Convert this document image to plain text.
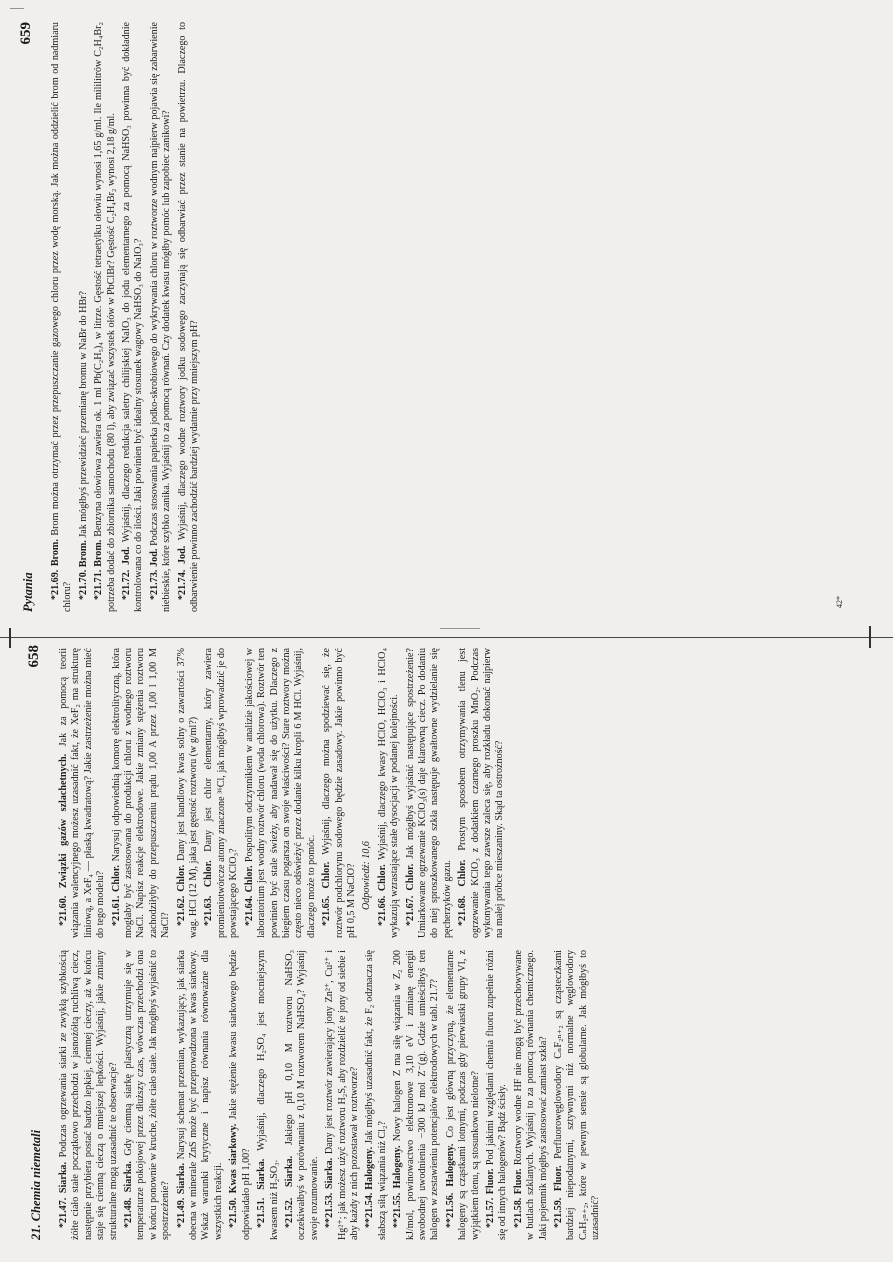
Pytania
659

*21.69. Brom. Brom można otrzymać przez przepuszczanie gazowego chloru przez wodę morską. Jak można oddzielić brom od nadmiaru chloru? *21.70. Brom. Jak mógłbyś przewidzieć przemianę bromu w NaBr do HBr?

*21.71. Brom. Benzyna ołowiowa zawiera ok. 1 ml Pb(C₂H₅)₄ w litrze. Gęstość tetraetylku ołowiu wynosi 1,65 g/ml. Ile mililitrów C₂H₄Br₂ potrzeba dodać do zbiornika samochodu (80 l), aby związać wszystek ołów w PbClBr? Gęstość C₂H₄Br₂ wynosi 2,18 g/ml. *21.72. Jod. Wyjaśnij, dlaczego redukcja saletry chilijskiej NaIO₃ do jodu elementarnego za pomocą NaHSO₃ powinna być dokładnie kontrolowana co do ilości. Jaki powinien być idealny stosunek wagowy NaHSO₃ do NaIO₃? *21.73. Jod. Podczas stosowania papierka jodko-skrobiowego do wykrywania chloru w roztworze wodnym najpierw pojawia się zabarwienie niebieskie, które szybko zanika. Wyjaśnij to za pomocą równań. Czy dodatek kwasu mógłby pomóc lub zapobiec zanikowi? *21.74. Jod. Wyjaśnij, dlaczego wodne roztwory jodku sodowego zaczynają się odbarwiać przez stanie na powietrzu. Dlaczego to odbarwienie powinno zachodzić bardziej wydatnie przy mniejszym pH?	42*
21. Chemia niemetali
658

*21.47. Siarka. Podczas ogrzewania siarki ze zwykłą szybkością żółte ciało stałe początkowo przechodzi w jasnożółtą ruchliwą ciecz, następnie przybiera postać bardzo lepkiej, ciemnej cieczy, aż w końcu staje się ciemną cieczą o mniejszej lepkości. Wyjaśnij, jakie zmiany strukturalne mogą uzasadnić te obserwacje? *21.48. Siarka. Gdy ciemną siarkę plastyczną utrzymuje się w temperaturze pokojowej przez dłuższy czas, wówczas przechodzi ona w końcu ponownie w kruche, żółte ciało stałe. Jak mógłbyś wyjaśnić to spostrzeżenie? *21.49. Siarka. Narysuj schemat przemian, wykazujący, jak siarka obecna w minerale ZnS może być przeprowadzona w kwas siarkowy. Wskaż warunki krytyczne i napisz równania równoważne dla wszystkich reakcji. *21.50. Kwas siarkowy. Jakie stężenie kwasu siarkowego będzie odpowiadało pH 1,00? *21.51. Siarka. Wyjaśnij, dlaczego H₂SO₄ jest mocniejszym kwasem niż H₂SO₃. *21.52. Siarka. Jakiego pH 0,10 M roztworu NaHSO₃ oczekiwałbyś w porównaniu z 0,10 M roztworem NaHSO₄? Wyjaśnij swoje rozumowanie. **21.53. Siarka. Dany jest roztwór zawierający jony Zn²⁺, Cu²⁺ i Hg²⁺; jak możesz użyć roztworu H₂S, aby rozdzielić te jony od siebie i aby każdy z nich pozostawał w roztworze? **21.54. Halogeny. Jak mógłbyś uzasadnić fakt, że F₂ odznacza się słabszą siłą wiązania niż Cl₂? **21.55. Halogeny. Nowy halogen Z ma siłę wiązania w Z₂ 200 kJ/mol, powinowactwo elektronowe 3,10 eV i zmianę energii swobodnej uwodnienia −300 kJ mol Z⁻(g). Gdzie umieściłbyś ten halogen w zestawieniu potencjałów elektrodowych w tabl. 21.7? **21.56. Halogeny. Co jest główną przyczyną, że elementarne halogeny są cząstkami lotnymi, podczas gdy pierwiastki grupy VI, z wyjątkiem tlenu, są stosunkowo nielotne? *21.57. Fluor. Pod jakimi względami chemia fluoru zupełnie różni się od innych halogenów? Bądź ścisły. *21.58. Fluor. Roztwory wodne HF nie mogą być przechowywane w butlach szklanych. Wyjaśnij to za pomocą równania chemicznego. Jaki pojemnik mógłbyś zastosować zamiast szkła? *21.59. Fluor. Perfluorowęglowodory CₙF₂ₙ₊₂ są cząsteczkami bardziej niepodatnymi, sztywnymi niż normalne węglowodory CₙH₂ₙ₊₂, które w pewnym sensie są globularne. Jak mógłbyś to uzasadnić?

*21.60. Związki gazów szlachetnych. Jak za pomocą teorii wiązania walencyjnego możesz uzasadnić fakt, że XeF₂ ma strukturę liniową, a XeF₄ — płaską kwadratową? Jakie zastrzeżenie można mieć do tego modelu? *21.61. Chlor. Narysuj odpowiednią komorę elektrolityczną, która mogłaby być zastosowana do produkcji chloru z wodnego roztworu NaCl. Napisz reakcje elektrodowe. Jakie zmiany stężenia roztworu zachodziłyby do przepuszczeniu prądu 1,00 A przez 1,00 l 1,00 M NaCl? *21.62. Chlor. Dany jest handlowy kwas solny o zawartości 37% wag. HCl (12 M), jaka jest gęstość roztworu (w g/ml?) *21.63. Chlor. Dany jest chlor elementarny, który zawiera promieniotwórcze atomy znaczone ³⁶Cl, jak mógłbyś wprowadzić je do powstającego KClO₃? *21.64. Chlor. Pospolitym odczynnikiem w analizie jakościowej w laboratorium jest wodny roztwór chloru (woda chlorowa). Roztwór ten powinien być stale świeży, aby nadawał się do użytku. Dlaczego z biegiem czasu pogarsza on swoje właściwości? Stare roztwory można często nieco odświeżyć przez dodanie kilku kropli 6 M HCl. Wyjaśnij, dlaczego może to pomóc. *21.65. Chlor. Wyjaśnij, dlaczego można spodziewać się, że roztwór podchlorynu sodowego będzie zasadowy. Jakie powinno być pH 0,5 M NaClO? Odpowiedź: 10,6

*21.66. Chlor. Wyjaśnij, dlaczego kwasy HClO, HClO₃ i HClO₄ wykazują wzrastające stałe dysocjacji w podanej kolejności. *21.67. Chlor. Jak mógłbyś wyjaśnić następujące spostrzeżenie? Umiarkowane ogrzewanie KClO₃(s) daje klarowną ciecz. Po dodaniu do niej sproszkowanego szkła następuje gwałtowne wydzielanie się pęcherzyków gazu. *21.68. Chlor. Prostym sposobem otrzymywania tlenu jest ogrzewanie KClO₃ z dodatkiem czarnego proszku MnO₂. Podczas wykonywania tego zawsze zaleca się, aby rozkładu dokonać najpierw na małej próbce mieszaniny. Skąd ta ostrożność?
